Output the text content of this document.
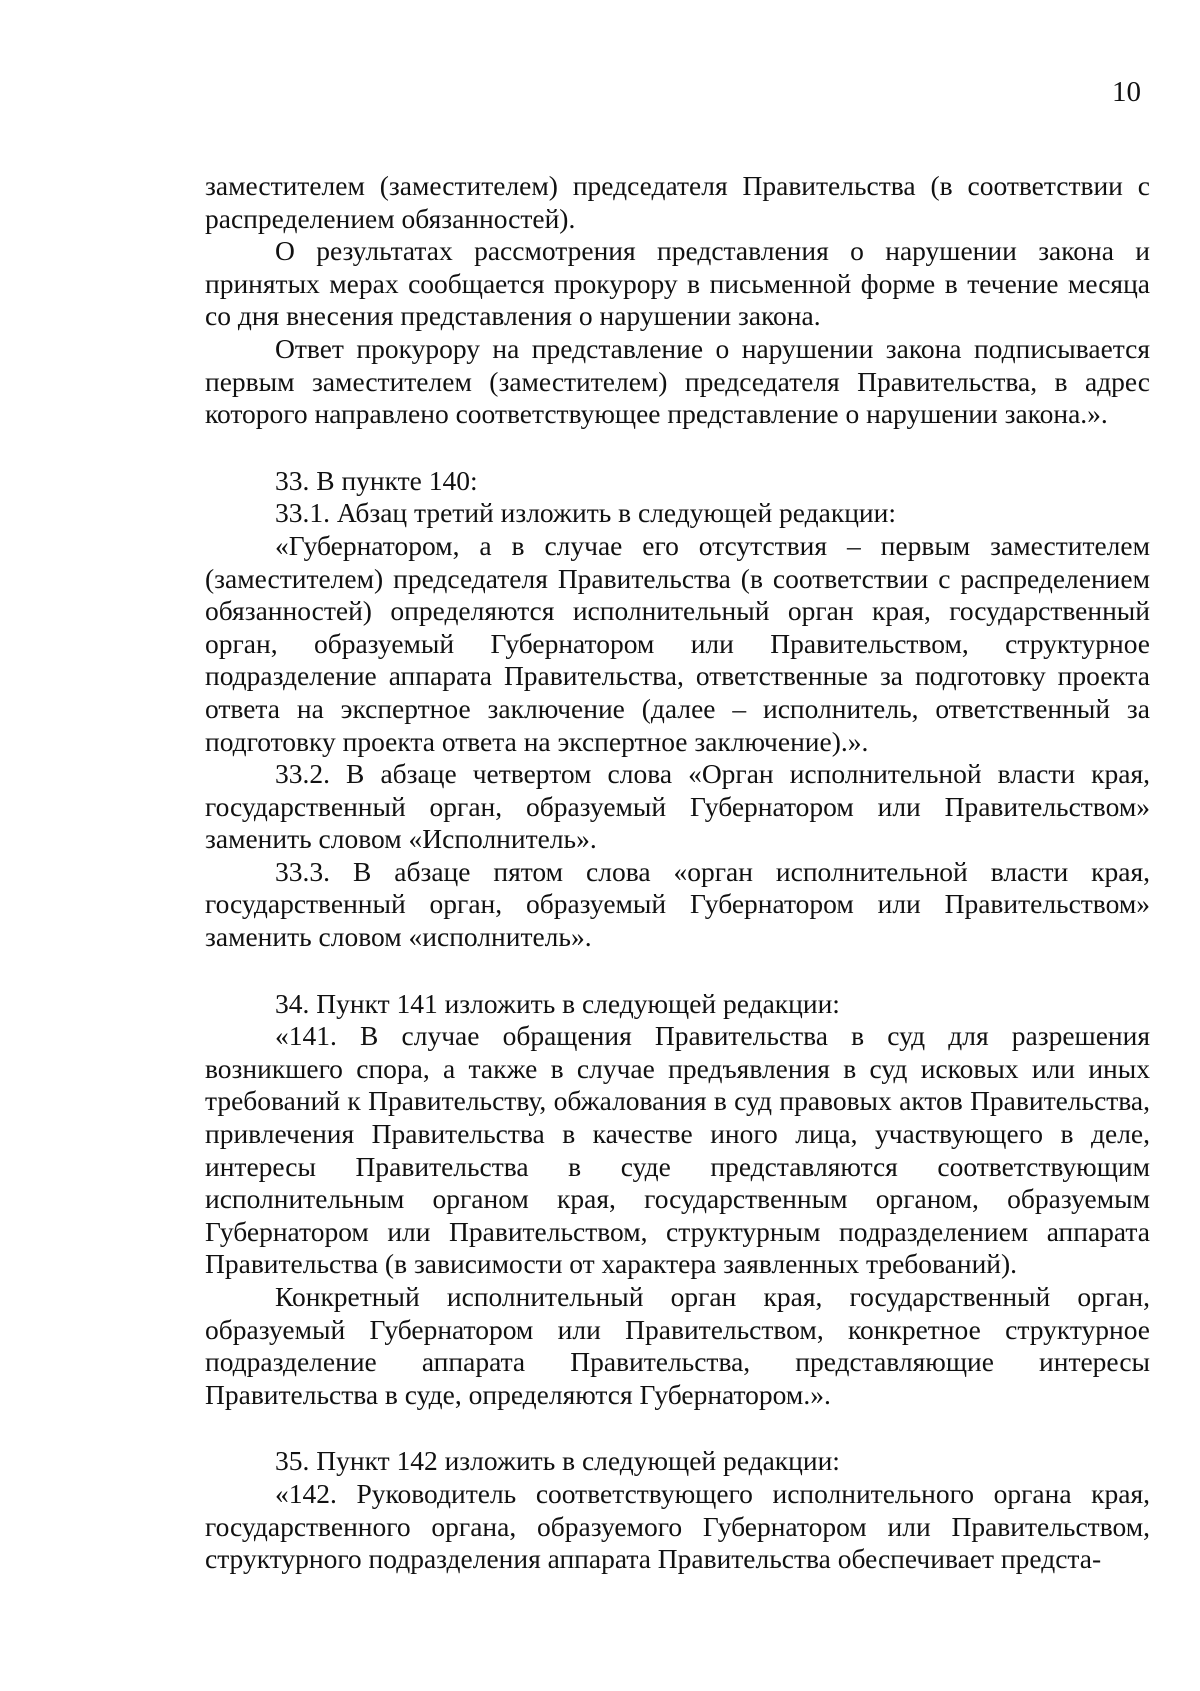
10

заместителем (заместителем) председателя Правительства (в соответствии с распределением обязанностей).

О результатах рассмотрения представления о нарушении закона и принятых мерах сообщается прокурору в письменной форме в течение месяца со дня внесения представления о нарушении закона.

Ответ прокурору на представление о нарушении закона подписывается первым заместителем (заместителем) председателя Правительства, в адрес которого направлено соответствующее представление о нарушении закона.».

33. В пункте 140:

33.1. Абзац третий изложить в следующей редакции:

«Губернатором, а в случае его отсутствия – первым заместителем (заместителем) председателя Правительства (в соответствии с распределением обязанностей) определяются исполнительный орган края, государственный орган, образуемый Губернатором или Правительством, структурное подразделение аппарата Правительства, ответственные за подготовку проекта ответа на экспертное заключение (далее – исполнитель, ответственный за подготовку проекта ответа на экспертное заключение).».

33.2. В абзаце четвертом слова «Орган исполнительной власти края, государственный орган, образуемый Губернатором или Правительством» заменить словом «Исполнитель».

33.3. В абзаце пятом слова «орган исполнительной власти края, государственный орган, образуемый Губернатором или Правительством» заменить словом «исполнитель».

34. Пункт 141 изложить в следующей редакции:

«141. В случае обращения Правительства в суд для разрешения возникшего спора, а также в случае предъявления в суд исковых или иных требований к Правительству, обжалования в суд правовых актов Правительства, привлечения Правительства в качестве иного лица, участвующего в деле, интересы Правительства в суде представляются соответствующим исполнительным органом края, государственным органом, образуемым Губернатором или Правительством, структурным подразделением аппарата Правительства (в зависимости от характера заявленных требований).

Конкретный исполнительный орган края, государственный орган, образуемый Губернатором или Правительством, конкретное структурное подразделение аппарата Правительства, представляющие интересы Правительства в суде, определяются Губернатором.».

35. Пункт 142 изложить в следующей редакции:

«142. Руководитель соответствующего исполнительного органа края, государственного органа, образуемого Губернатором или Правительством, структурного подразделения аппарата Правительства обеспечивает предста-
